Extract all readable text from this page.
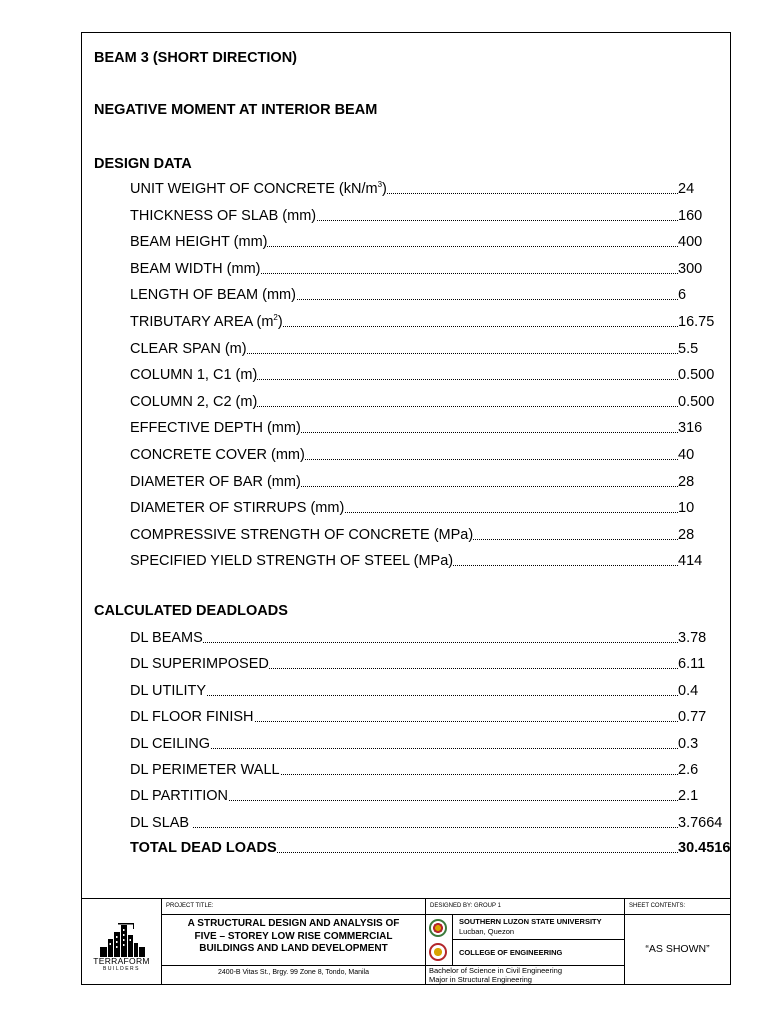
BEAM 3 (SHORT DIRECTION)
NEGATIVE MOMENT AT INTERIOR BEAM
DESIGN DATA
UNIT WEIGHT OF CONCRETE $(kN/m^3)$	24
THICKNESS OF SLAB (mm)	160
BEAM HEIGHT (mm)	400
BEAM WIDTH (mm)	300
LENGTH OF BEAM (mm)	6
TRIBUTARY AREA $(m^2)$	16.75
CLEAR SPAN (m)	5.5
COLUMN 1, C1 (m)	0.500
COLUMN 2, C2 (m)	0.500
EFFECTIVE DEPTH (mm)	316
CONCRETE COVER (mm)	40
DIAMETER OF BAR (mm)	28
DIAMETER OF STIRRUPS (mm)	10
COMPRESSIVE STRENGTH OF CONCRETE (MPa)	28
SPECIFIED YIELD STRENGTH OF STEEL (MPa)	414
CALCULATED DEADLOADS
DL BEAMS	3.78
DL SUPERIMPOSED	6.11
DL UTILITY	0.4
DL FLOOR FINISH	0.77
DL CEILING	0.3
DL PERIMETER WALL	2.6
DL PARTITION	2.1
DL SLAB	3.7664
TOTAL DEAD LOADS	30.4516
TERRAFORM
BUILDERS
PROJECT TITLE:
A STRUCTURAL DESIGN AND ANALYSIS OF
FIVE – STOREY LOW RISE COMMERCIAL
BUILDINGS AND LAND DEVELOPMENT
2400-B Vitas St., Brgy. 99 Zone 8, Tondo, Manila
DESIGNED BY: GROUP 1
SOUTHERN LUZON STATE UNIVERSITY
Lucban, Quezon
COLLEGE OF ENGINEERING
Bachelor of Science in Civil Engineering
Major in Structural Engineering
SHEET CONTENTS:
“AS SHOWN”
